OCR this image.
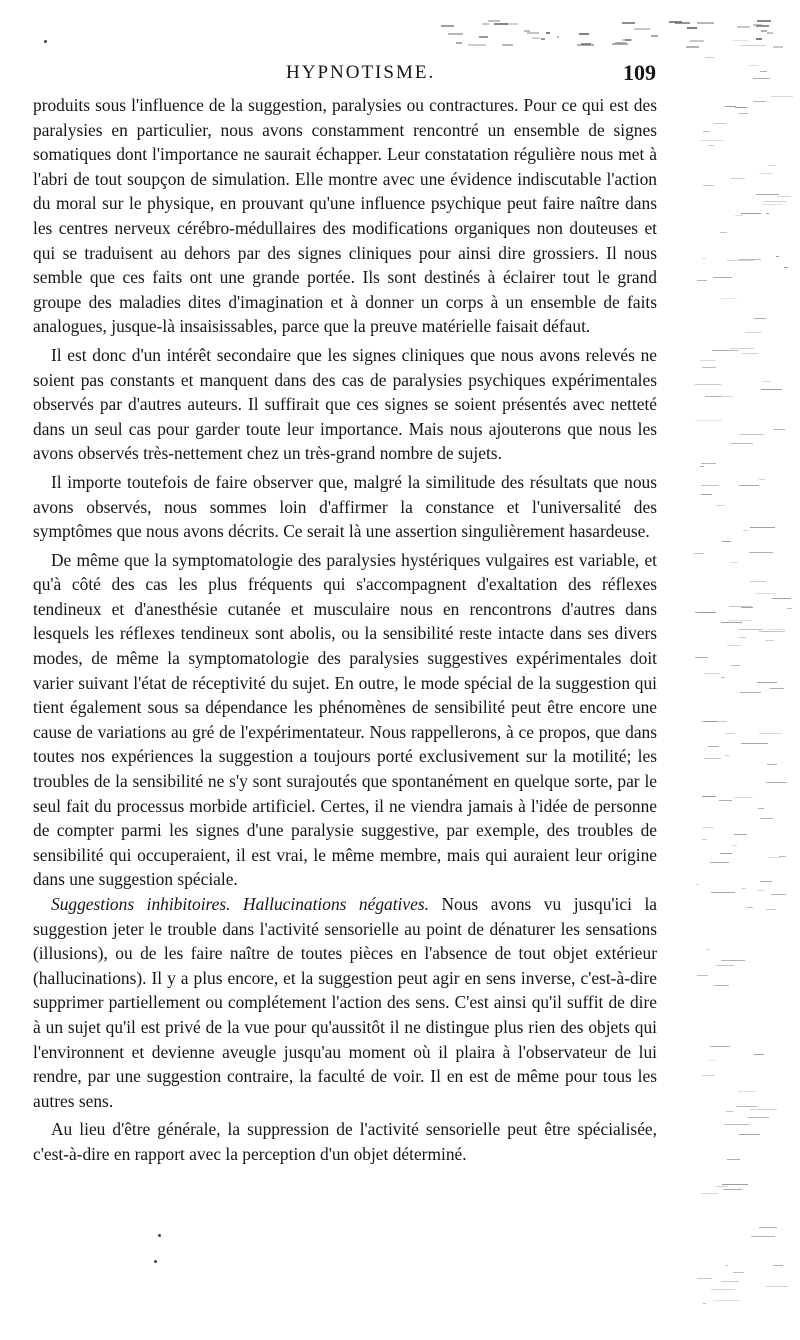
HYPNOTISME.	109

produits sous l'influence de la suggestion, paralysies ou contractures. Pour ce qui est des paralysies en particulier, nous avons constamment rencontré un ensemble de signes somatiques dont l'importance ne saurait échapper. Leur constatation régulière nous met à l'abri de tout soupçon de simulation. Elle montre avec une évidence indiscutable l'action du moral sur le physique, en prouvant qu'une influence psychique peut faire naître dans les centres nerveux cérébro-médullaires des modifications organiques non douteuses et qui se traduisent au dehors par des signes cliniques pour ainsi dire grossiers. Il nous semble que ces faits ont une grande portée. Ils sont destinés à éclairer tout le grand groupe des maladies dites d'imagination et à donner un corps à un ensemble de faits analogues, jusque-là insaisissables, parce que la preuve matérielle faisait défaut.

Il est donc d'un intérêt secondaire que les signes cliniques que nous avons relevés ne soient pas constants et manquent dans des cas de paralysies psychiques expérimentales observés par d'autres auteurs. Il suffirait que ces signes se soient présentés avec netteté dans un seul cas pour garder toute leur importance. Mais nous ajouterons que nous les avons observés très-nettement chez un très-grand nombre de sujets.

Il importe toutefois de faire observer que, malgré la similitude des résultats que nous avons observés, nous sommes loin d'affirmer la constance et l'universalité des symptômes que nous avons décrits. Ce serait là une assertion singulièrement hasardeuse.

De même que la symptomatologie des paralysies hystériques vulgaires est variable, et qu'à côté des cas les plus fréquents qui s'accompagnent d'exaltation des réflexes tendineux et d'anesthésie cutanée et musculaire nous en rencontrons d'autres dans lesquels les réflexes tendineux sont abolis, ou la sensibilité reste intacte dans ses divers modes, de même la symptomatologie des paralysies suggestives expérimentales doit varier suivant l'état de réceptivité du sujet. En outre, le mode spécial de la suggestion qui tient également sous sa dépendance les phénomènes de sensibilité peut être encore une cause de variations au gré de l'expérimentateur. Nous rappellerons, à ce propos, que dans toutes nos expériences la suggestion a toujours porté exclusivement sur la motilité; les troubles de la sensibilité ne s'y sont surajoutés que spontanément en quelque sorte, par le seul fait du processus morbide artificiel. Certes, il ne viendra jamais à l'idée de personne de compter parmi les signes d'une paralysie suggestive, par exemple, des troubles de sensibilité qui occuperaient, il est vrai, le même membre, mais qui auraient leur origine dans une suggestion spéciale.

Suggestions inhibitoires. Hallucinations négatives. Nous avons vu jusqu'ici la suggestion jeter le trouble dans l'activité sensorielle au point de dénaturer les sensations (illusions), ou de les faire naître de toutes pièces en l'absence de tout objet extérieur (hallucinations). Il y a plus encore, et la suggestion peut agir en sens inverse, c'est-à-dire supprimer partiellement ou complétement l'action des sens. C'est ainsi qu'il suffit de dire à un sujet qu'il est privé de la vue pour qu'aussitôt il ne distingue plus rien des objets qui l'environnent et devienne aveugle jusqu'au moment où il plaira à l'observateur de lui rendre, par une suggestion contraire, la faculté de voir. Il en est de même pour tous les autres sens.

Au lieu d'être générale, la suppression de l'activité sensorielle peut être spécialisée, c'est-à-dire en rapport avec la perception d'un objet déterminé.
